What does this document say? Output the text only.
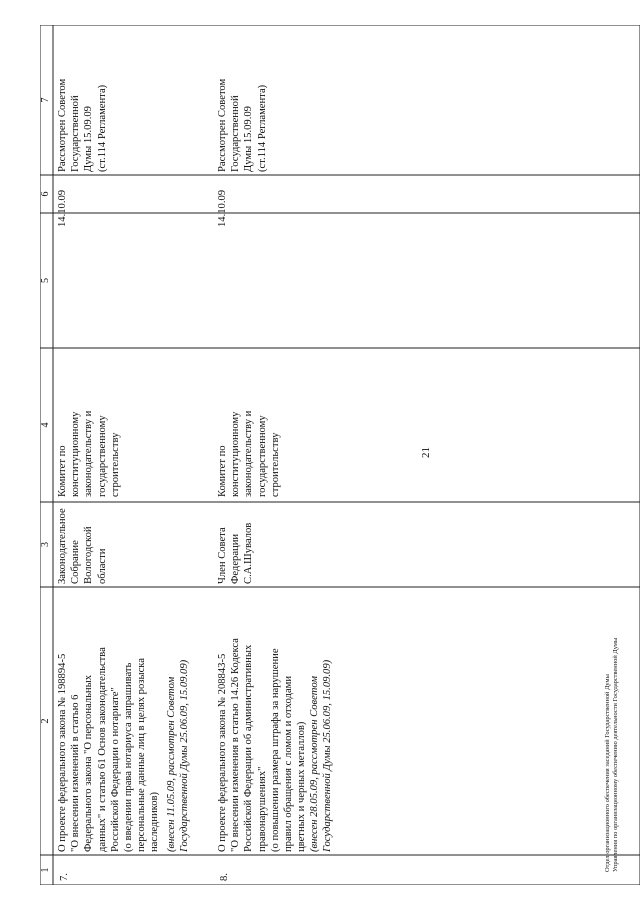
21
1
2
3
4
5
6
7
7.
О проекте федерального закона № 198894-5
"О внесении изменений в статью 6
Федерального закона "О персональных
данных" и статью 61 Основ законодательства
Российской Федерации о нотариате"
(о введении права нотариуса запрашивать
персональные данные лиц в целях розыска
наследников) (внесен 11.05.09, рассмотрен Советом
Государственной Думы 25.06.09, 15.09.09)
Законодательное
Собрание
Вологодской области
Комитет по
конституционному
законодательству и
государственному
строительству
14.10.09
Рассмотрен Советом
Государственной
Думы 15.09.09
(ст.114 Регламента)
8.
О проекте федерального закона № 208843-5
"О внесении изменения в статью 14.26 Кодекса
Российской Федерации об административных
правонарушениях"
(о повышении размера штрафа за нарушение
правил обращения с ломом и отходами
цветных и черных металлов)
(внесен 28.05.09, рассмотрен Советом
Государственной Думы 25.06.09, 15.09.09)
Член Совета
Федерации
С.А.Шувалов
Комитет по
конституционному
законодательству и
государственному
строительству
14.10.09
Рассмотрен Советом
Государственной
Думы 15.09.09
(ст.114 Регламента)
Отдел организационного обеспечения заседаний Государственной Думы Управления по организационному обеспечению деятельности Государственной Думы
